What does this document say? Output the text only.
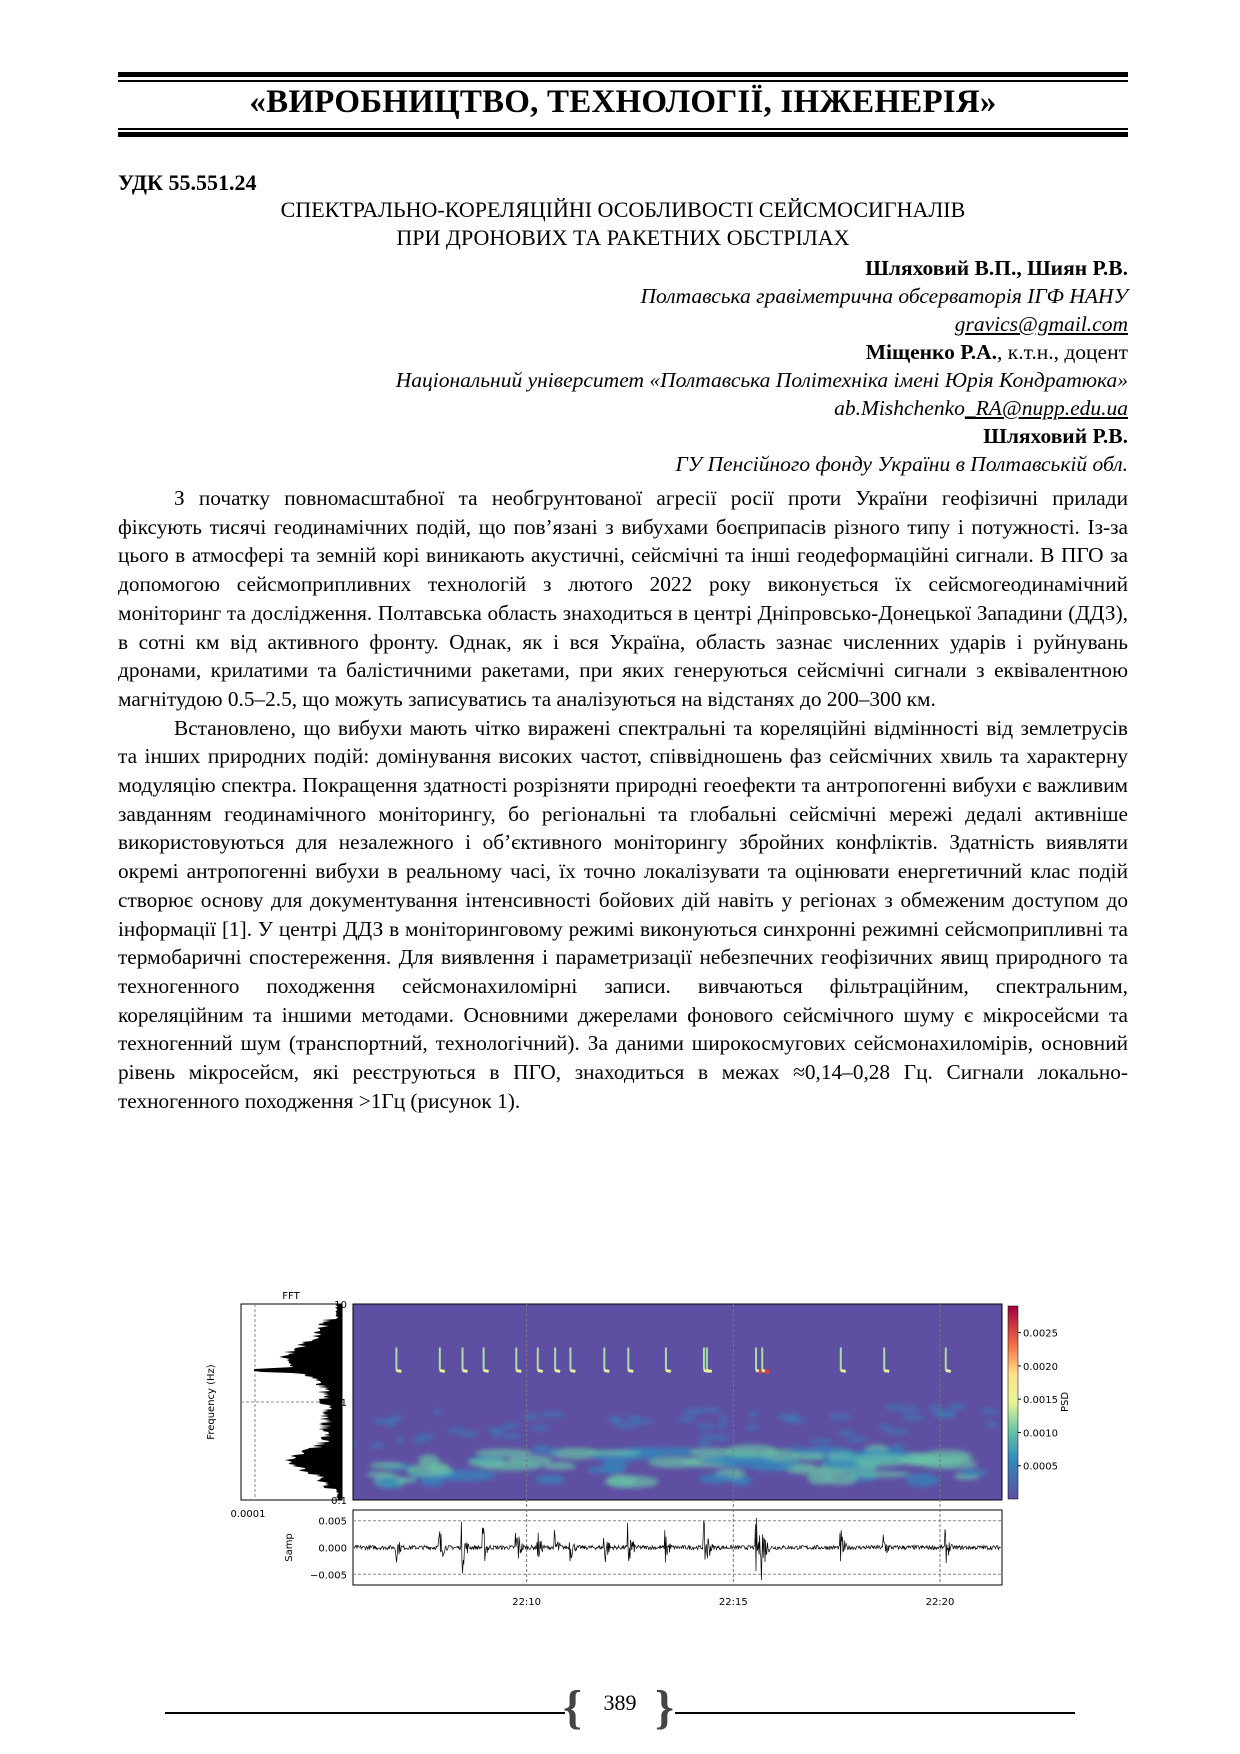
«ВИРОБНИЦТВО, ТЕХНОЛОГІЇ, ІНЖЕНЕРІЯ»
УДК 55.551.24
СПЕКТРАЛЬНО-КОРЕЛЯЦІЙНІ ОСОБЛИВОСТІ СЕЙСМОСИГНАЛІВ
ПРИ ДРОНОВИХ ТА РАКЕТНИХ ОБСТРІЛАХ
Шляховий В.П., Шиян Р.В.
Полтавська гравіметрична обсерваторія ІГФ НАНУ
gravics@gmail.com
Міщенко Р.А., к.т.н., доцент
Національний університет «Полтавська Політехніка імені Юрія Кондратюка»
ab.Mishchenko_RA@nupp.edu.ua
Шляховий Р.В.
ГУ Пенсійного фонду України в Полтавській обл.

З початку повномасштабної та необгрунтованої агресії росії проти України геофізичні прилади фіксують тисячі геодинамічних подій, що пов’язані з вибухами боєприпасів різного типу і потужності. Із-за цього в атмосфері та земній корі виникають акустичні, сейсмічні та інші геодеформаційні сигнали. В ПГО за допомогою сейсмоприпливних технологій з лютого 2022 року виконується їх сейсмогеодинамічний моніторинг та дослідження. Полтавська область знаходиться в центрі Дніпровсько-Донецької Западини (ДДЗ), в сотні км від активного фронту. Однак, як і вся Україна, область зазнає численних ударів і руйнувань дронами, крилатими та балістичними ракетами, при яких генеруються сейсмічні сигнали з еквівалентною магнітудою 0.5–2.5, що можуть записуватись та аналізуються на відстанях до 200–300 км.

Встановлено, що вибухи мають чітко виражені спектральні та кореляційні відмінності від землетрусів та інших природних подій: домінування високих частот, співвідношень фаз сейсмічних хвиль та характерну модуляцію спектра. Покращення здатності розрізняти природні геоефекти та антропогенні вибухи є важливим завданням геодинамічного моніторингу, бо регіональні та глобальні сейсмічні мережі дедалі активніше використовуються для незалежного і об’єктивного моніторингу збройних конфліктів. Здатність виявляти окремі антропогенні вибухи в реальному часі, їх точно локалізувати та оцінювати енергетичний клас подій створює основу для документування інтенсивності бойових дій навіть у регіонах з обмеженим доступом до інформації [1]. У центрі ДДЗ в моніторинговому режимі виконуються синхронні режимні сейсмоприпливні та термобаричні спостереження. Для виявлення і параметризації небезпечних геофізичних явищ природного та техногенного походження сейсмонахиломірні записи. вивчаються фільтраційним, спектральним, кореляційним та іншими методами. Основними джерелами фонового сейсмічного шуму є мікросейсми та техногенний шум (транспортний, технологічний). За даними широкосмугових сейсмонахиломірів, основний рівень мікросейсм, які реєструються в ПГО, знаходиться в межах ≈0,14–0,28 Гц. Сигнали локально-техногенного походження >1Гц (рисунок 1).

FFT
Frequency (Hz)
0.0001
10
1
0.1
0.0025
0.0020
0.0015
0.0010
0.0005
PSD
22:10	22:15	22:20
0.005
0.000
−0.005
Samp
{ }
389
